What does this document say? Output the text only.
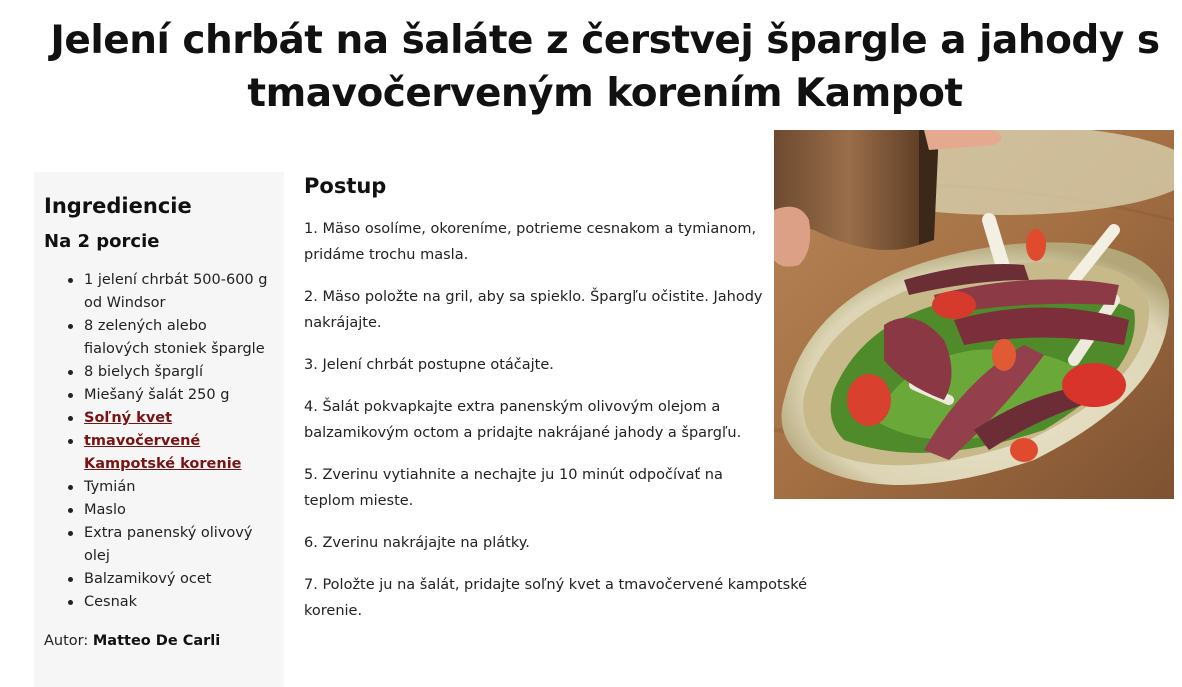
Jelení chrbát na šaláte z čerstvej špargle a jahody s tmavočerveným korením Kampot
Ingrediencie
Na 2 porcie
1 jelení chrbát 500-600 g od Windsor
8 zelených alebo fialových stoniek špargle
8 bielych šparglí
Miešaný šalát 250 g
Soľný kvet
tmavočervené Kampotské korenie
Tymián
Maslo
Extra panenský olivový olej
Balzamikový ocet
Cesnak
Autor: Matteo De Carli
Postup

1. Mäso osolíme, okoreníme, potrieme cesnakom a tymianom, pridáme trochu masla.

2. Mäso položte na gril, aby sa spieklo. Špargľu očistite. Jahody nakrájajte.

3. Jelení chrbát postupne otáčajte.

4. Šalát pokvapkajte extra panenským olivovým olejom a balzamikovým octom a pridajte nakrájané jahody a špargľu.

5. Zverinu vytiahnite a nechajte ju 10 minút odpočívať na teplom mieste.

6. Zverinu nakrájajte na plátky.

7. Položte ju na šalát, pridajte soľný kvet a tmavočervené kampotské korenie.
